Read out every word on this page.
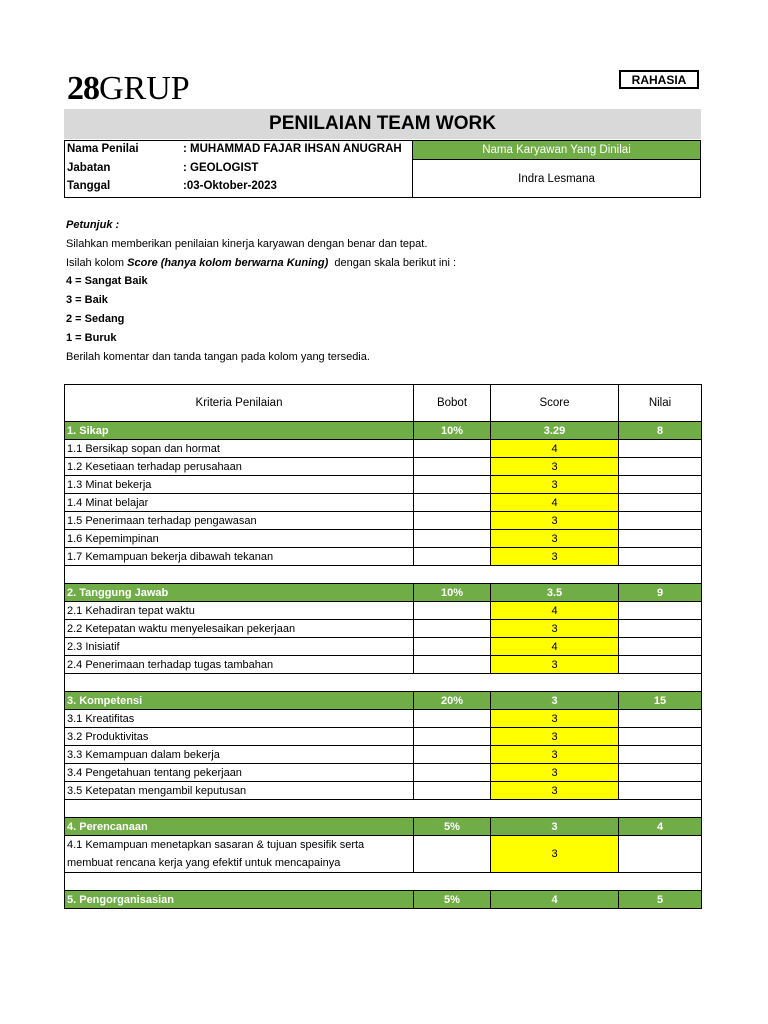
28 GRUP	RAHASIA
PENILAIAN TEAM WORK
Nama Penilai	: MUHAMMAD FAJAR IHSAN ANUGRAH
Jabatan	: GEOLOGIST
Tanggal	:03-Oktober-2023
Nama Karyawan Yang Dinilai
Indra Lesmana
Petunjuk :
Silahkan memberikan penilaian kinerja karyawan dengan benar dan tepat.
Isilah kolom Score (hanya kolom berwarna Kuning)  dengan skala berikut ini :
4 = Sangat Baik
3 = Baik
2 = Sedang
1 = Buruk
Berilah komentar dan tanda tangan pada kolom yang tersedia.
Kriteria Penilaian	Bobot	Score	Nilai
1. Sikap	10%	3.29	8
1.1 Bersikap sopan dan hormat		4	
1.2 Kesetiaan terhadap perusahaan		3	
1.3 Minat bekerja		3	
1.4 Minat belajar		4	
1.5 Penerimaan terhadap pengawasan		3	
1.6 Kepemimpinan		3	
1.7 Kemampuan bekerja dibawah tekanan		3	

2. Tanggung Jawab	10%	3.5	9
2.1 Kehadiran tepat waktu		4	
2.2 Ketepatan waktu menyelesaikan pekerjaan		3	
2.3 Inisiatif		4	
2.4 Penerimaan terhadap tugas tambahan		3	

3. Kompetensi	20%	3	15
3.1 Kreatifitas		3	
3.2 Produktivitas		3	
3.3 Kemampuan dalam bekerja		3	
3.4 Pengetahuan tentang pekerjaan		3	
3.5 Ketepatan mengambil keputusan		3	

4. Perencanaan	5%	3	4
4.1 Kemampuan menetapkan sasaran & tujuan spesifik serta membuat rencana kerja yang efektif untuk mencapainya		3	

5. Pengorganisasian	5%	4	5
